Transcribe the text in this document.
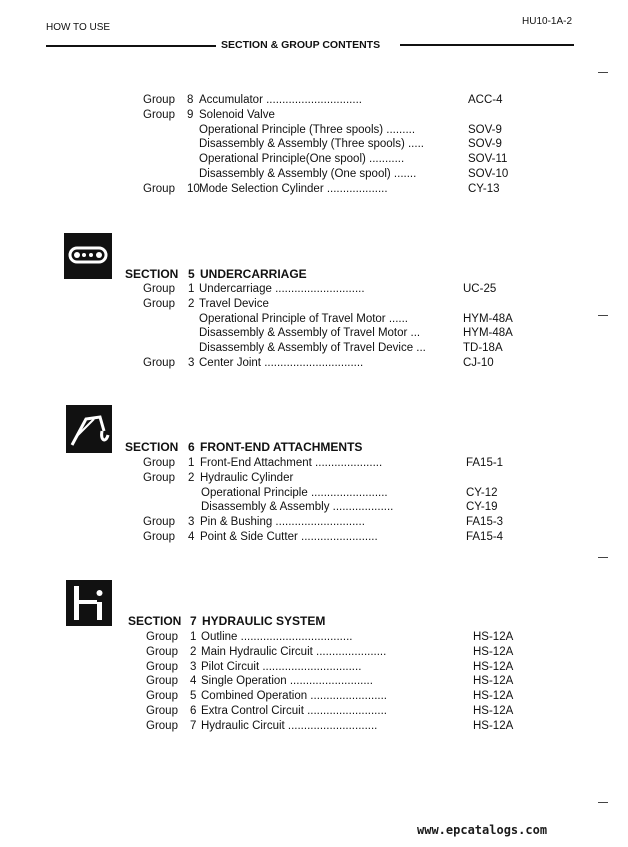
HOW TO USE
HU10-1A-2
SECTION & GROUP CONTENTS
Group 8 Accumulator ..............................	ACC-4
Group 9 Solenoid Valve
Operational Principle (Three spools) .........	SOV-9
Disassembly & Assembly (Three spools) .....	SOV-9
Operational Principle(One spool) ...........	SOV-11
Disassembly & Assembly (One spool) .......	SOV-10
Group 10 Mode Selection Cylinder ...................	CY-13
SECTION 5 UNDERCARRIAGE
Group 1 Undercarriage ............................	UC-25
Group 2 Travel Device
Operational Principle of Travel Motor ......	HYM-48A
Disassembly & Assembly of Travel Motor ...	HYM-48A
Disassembly & Assembly of Travel Device ...	TD-18A
Group 3 Center Joint ...............................	CJ-10
SECTION 6 FRONT-END ATTACHMENTS
Group 1 Front-End Attachment .....................	FA15-1
Group 2 Hydraulic Cylinder
Operational Principle ........................	CY-12
Disassembly & Assembly ...................	CY-19
Group 3 Pin & Bushing ............................	FA15-3
Group 4 Point & Side Cutter ........................	FA15-4
SECTION 7 HYDRAULIC SYSTEM
Group 1 Outline ...................................	HS-12A
Group 2 Main Hydraulic Circuit ......................	HS-12A
Group 3 Pilot Circuit ...............................	HS-12A
Group 4 Single Operation ..........................	HS-12A
Group 5 Combined Operation ........................	HS-12A
Group 6 Extra Control Circuit .........................	HS-12A
Group 7 Hydraulic Circuit ............................	HS-12A
www.epcatalogs.com
